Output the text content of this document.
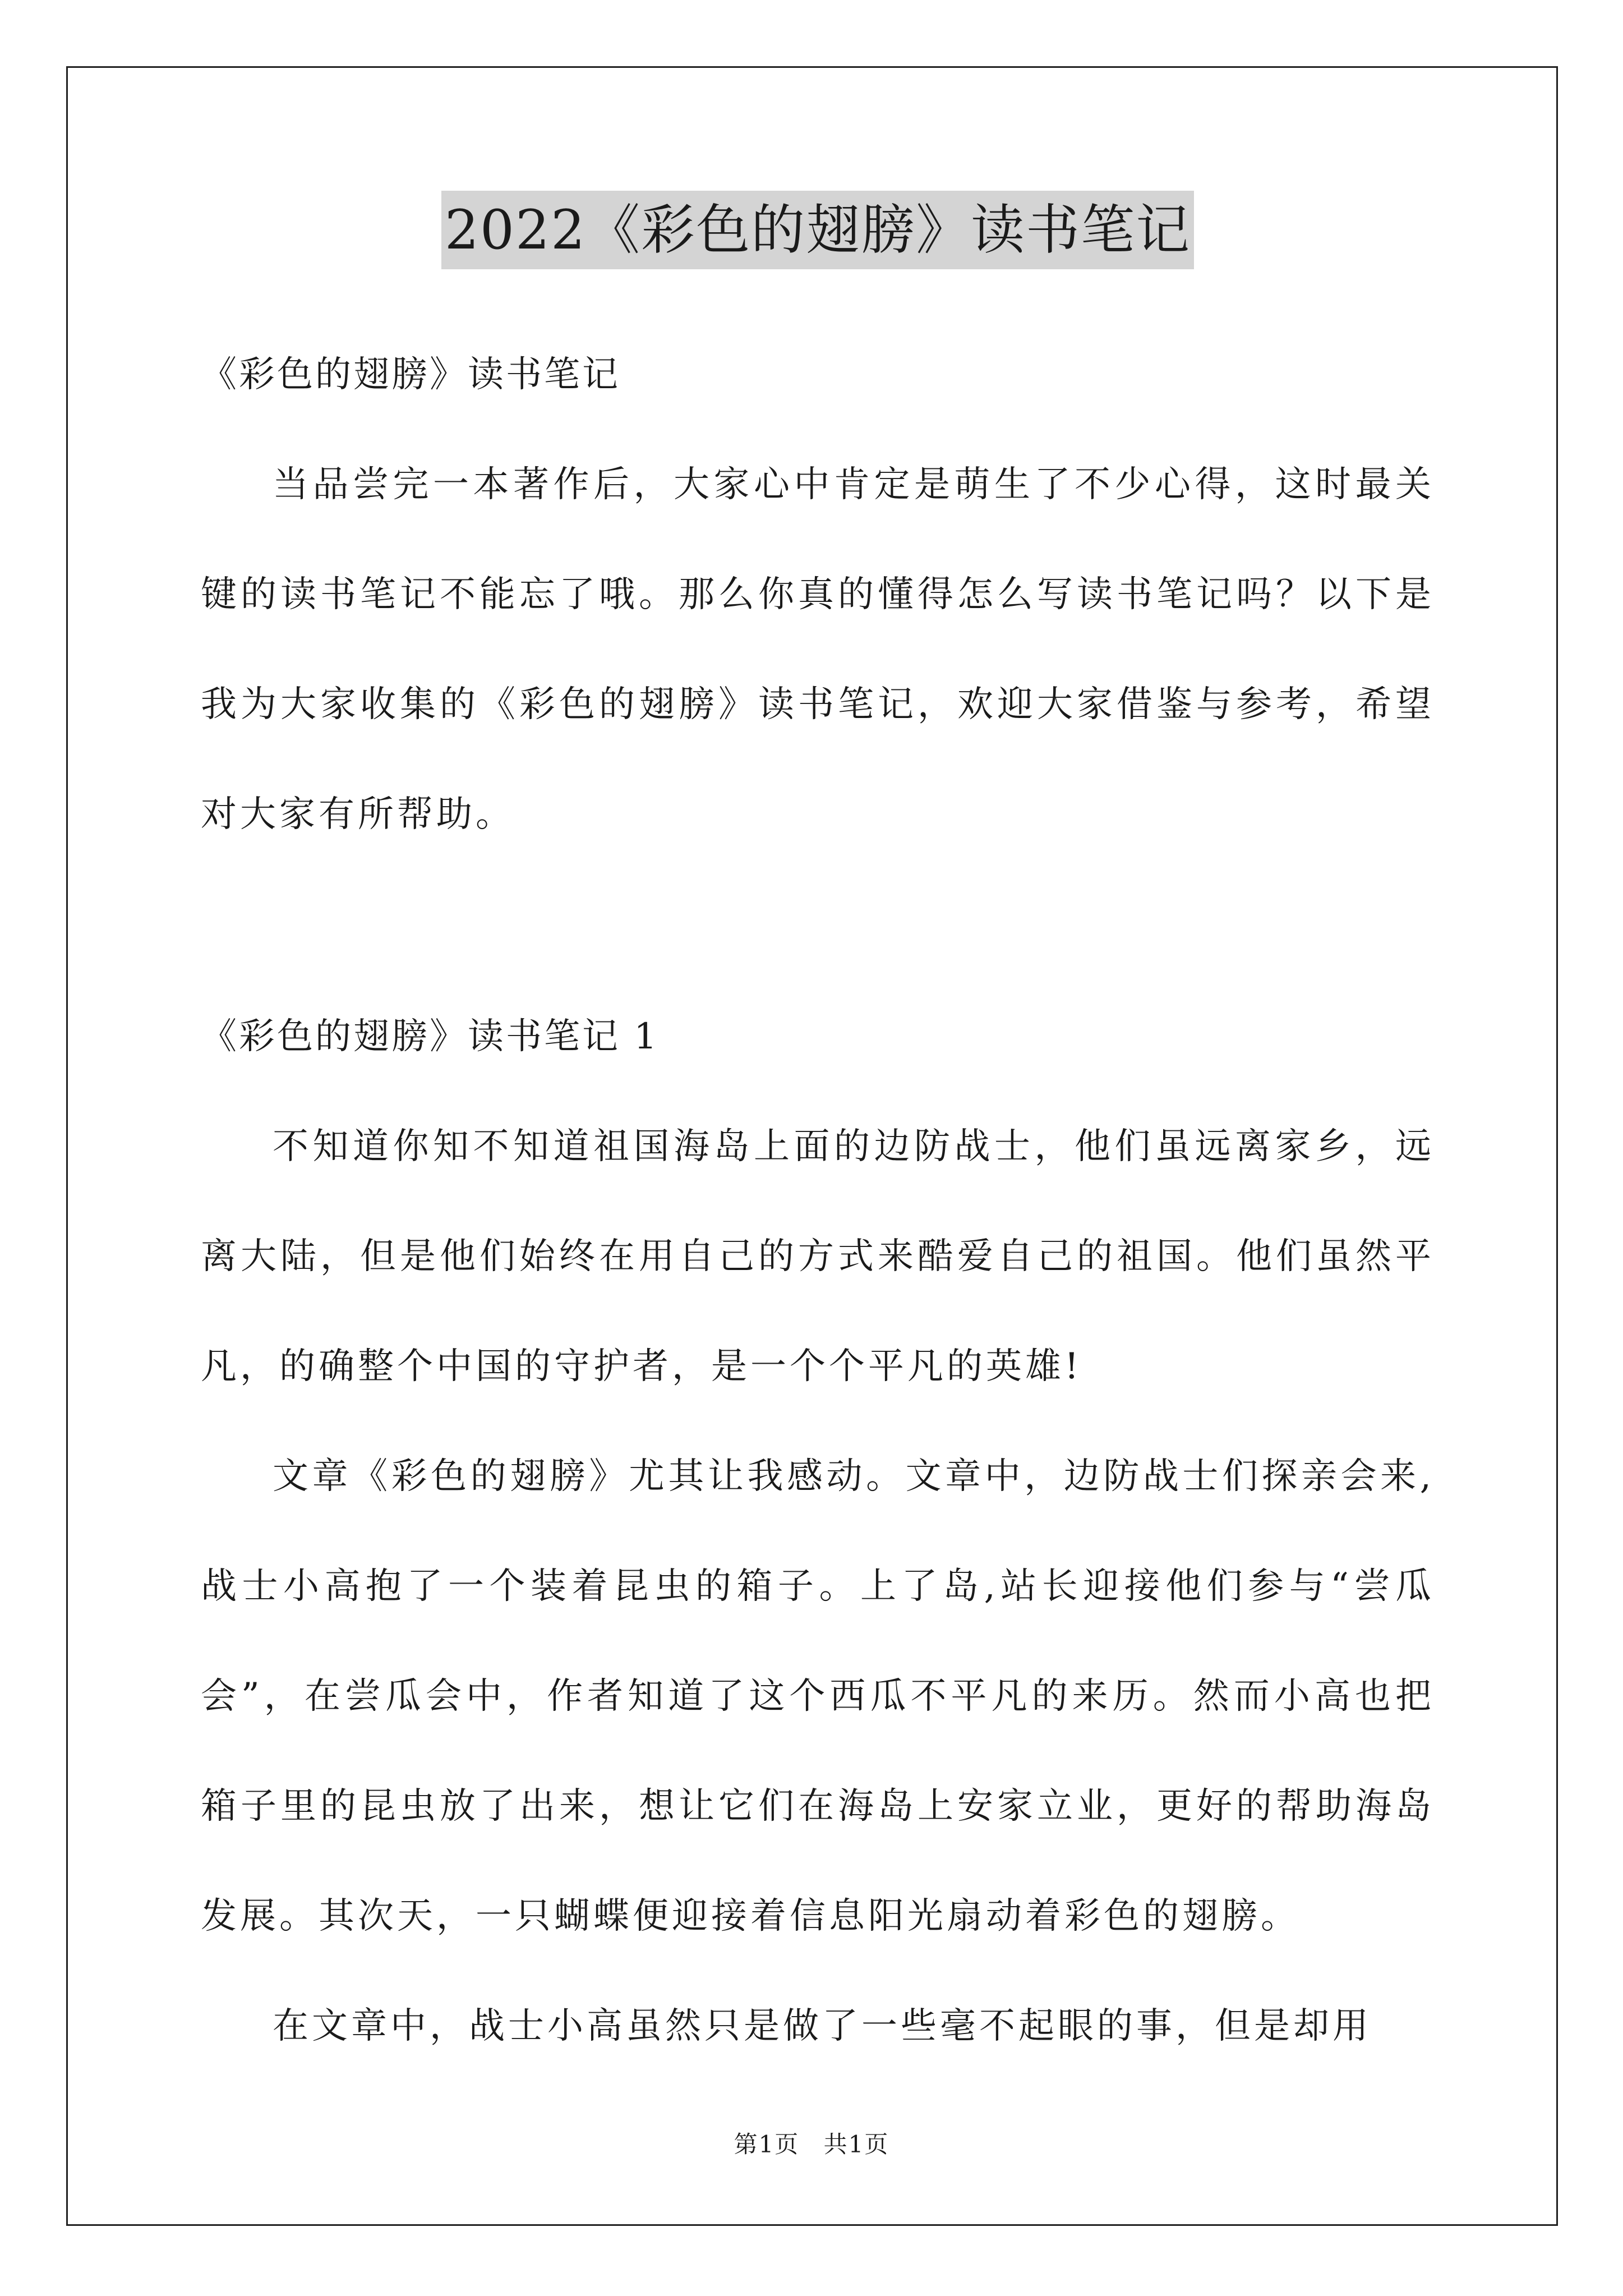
2022《彩色的翅膀》读书笔记

《彩色的翅膀》读书笔记

当品尝完一本著作后，大家心中肯定是萌生了不少心得，这时最关键的读书笔记不能忘了哦。那么你真的懂得怎么写读书笔记吗？以下是我为大家收集的《彩色的翅膀》读书笔记，欢迎大家借鉴与参考，希望对大家有所帮助。

《彩色的翅膀》读书笔记 1

不知道你知不知道祖国海岛上面的边防战士，他们虽远离家乡，远离大陆，但是他们始终在用自己的方式来酷爱自己的祖国。他们虽然平凡，的确整个中国的守护者，是一个个平凡的英雄!

文章《彩色的翅膀》尤其让我感动。文章中，边防战士们探亲会来,战士小高抱了一个装着昆虫的箱子。上了岛,站长迎接他们参与“尝瓜会”，在尝瓜会中，作者知道了这个西瓜不平凡的来历。然而小高也把箱子里的昆虫放了出来，想让它们在海岛上安家立业，更好的帮助海岛发展。其次天，一只蝴蝶便迎接着信息阳光扇动着彩色的翅膀。

在文章中，战士小高虽然只是做了一些毫不起眼的事，但是却用

第1页 共1页
